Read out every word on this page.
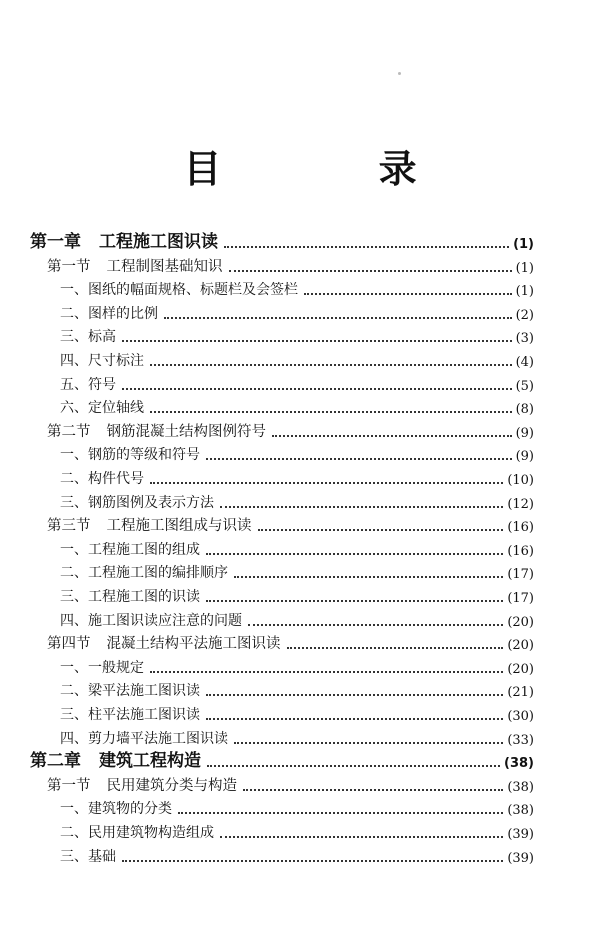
目 录
第一章 工程施工图识读	(1)
第一节 工程制图基础知识	(1)
一、图纸的幅面规格、标题栏及会签栏	(1)
二、图样的比例	(2)
三、标高	(3)
四、尺寸标注	(4)
五、符号	(5)
六、定位轴线	(8)
第二节 钢筋混凝土结构图例符号	(9)
一、钢筋的等级和符号	(9)
二、构件代号	(10)
三、钢筋图例及表示方法	(12)
第三节 工程施工图组成与识读	(16)
一、工程施工图的组成	(16)
二、工程施工图的编排顺序	(17)
三、工程施工图的识读	(17)
四、施工图识读应注意的问题	(20)
第四节 混凝土结构平法施工图识读	(20)
一、一般规定	(20)
二、梁平法施工图识读	(21)
三、柱平法施工图识读	(30)
四、剪力墙平法施工图识读	(33)
第二章 建筑工程构造	(38)
第一节 民用建筑分类与构造	(38)
一、建筑物的分类	(38)
二、民用建筑物构造组成	(39)
三、基础	(39)
